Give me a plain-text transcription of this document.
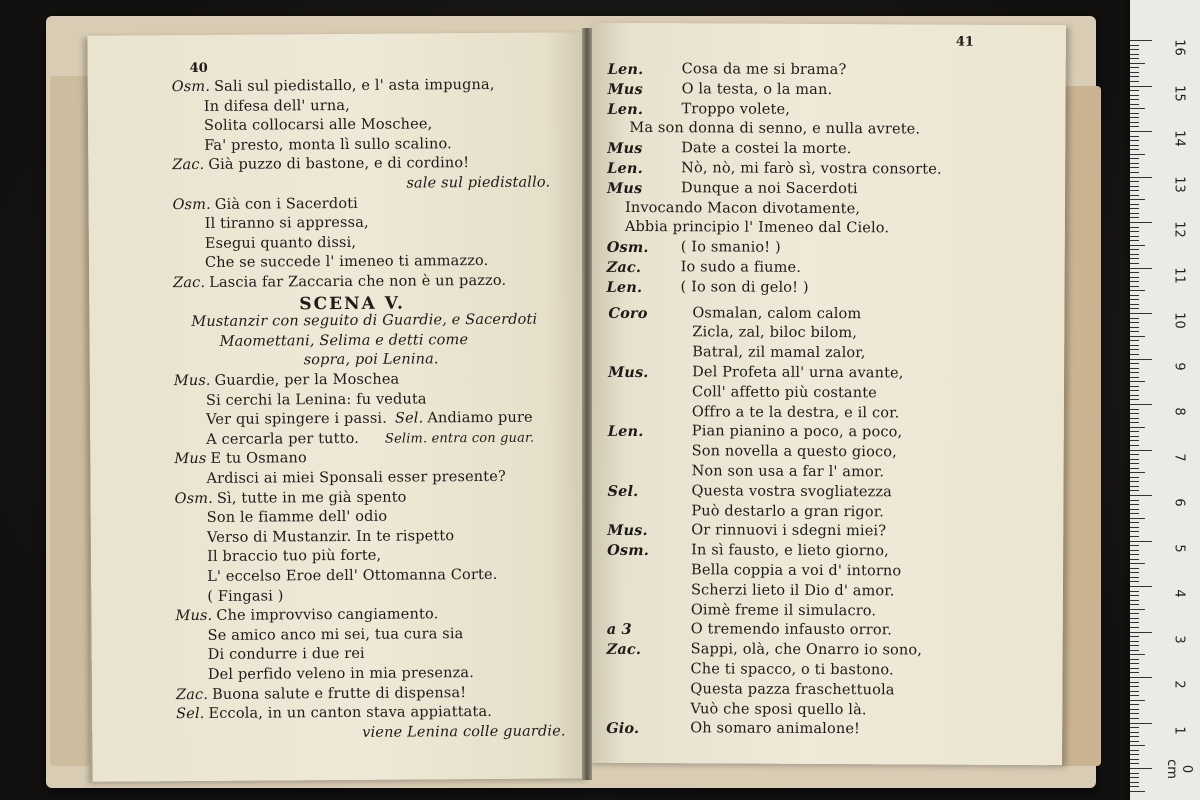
40
Osm. Sali sul piedistallo, e l' asta impugna,
In difesa dell' urna,
Solita collocarsi alle Moschee,
Fa' presto, monta lì sullo scalino.
Zac. Già puzzo di bastone, e di cordino!
sale sul piedistallo.
Osm. Già con i Sacerdoti
Il tiranno si appressa,
Esegui quanto dissi,
Che se succede l' imeneo ti ammazzo.
Zac. Lascia far Zaccaria che non è un pazzo.
SCENA V.
Mustanzir con seguito di Guardie, e Sacerdoti
Maomettani, Selima e detti come
sopra, poi Lenina.
Mus. Guardie, per la Moschea
Si cerchi la Lenina: fu veduta
Ver qui spingere i passi. Sel. Andiamo pure
A cercarla per tutto. Selim. entra con guar.
Mus E tu Osmano
Ardisci ai miei Sponsali esser presente?
Osm. Sì, tutte in me già spento
Son le fiamme dell' odio
Verso di Mustanzir. In te rispetto
Il braccio tuo più forte,
L' eccelso Eroe dell' Ottomanna Corte.
( Fingasi )
Mus. Che improvviso cangiamento.
Se amico anco mi sei, tua cura sia
Di condurre i due rei
Del perfido veleno in mia presenza.
Zac. Buona salute e frutte di dispensa!
Sel. Eccola, in un canton stava appiattata.
viene Lenina colle guardie.
41
Len.	Cosa da me si brama?
Mus	O la testa, o la man.
Len.	Troppo volete,
Ma son donna di senno, e nulla avrete.
Mus	Date a costei la morte.
Len.	Nò, nò, mi farò sì, vostra consorte.
Mus	Dunque a noi Sacerdoti
Invocando Macon divotamente,
Abbia principio l' Imeneo dal Cielo.
Osm. ( Io smanio! )
Zac.	Io sudo a fiume.
Len.	( Io son di gelo! )
Coro	Osmalan, calom calom
Zicla, zal, biloc bilom,
Batral, zil mamal zalor,
Mus.	Del Profeta all' urna avante,
Coll' affetto più costante
Offro a te la destra, e il cor.
Len.	Pian pianino a poco, a poco,
Son novella a questo gioco,
Non son usa a far l' amor.
Sel.	Questa vostra svogliatezza
Può destarlo a gran rigor.
Mus.	Or rinnuovi i sdegni miei?
Osm.	In sì fausto, e lieto giorno,
Bella coppia a voi d' intorno
Scherzi lieto il Dio d' amor.
Oimè freme il simulacro.
a 3	O tremendo infausto orror.
Zac.	Sappi, olà, che Onarro io sono,
Che ti spacco, o ti bastono.
Questa pazza fraschettuola
Vuò che sposi quello là.
Gio.	Oh somaro animalone!
16
15
14
13
12
11
10
9
8
7
6
5
4
3
2
1
0 cm
